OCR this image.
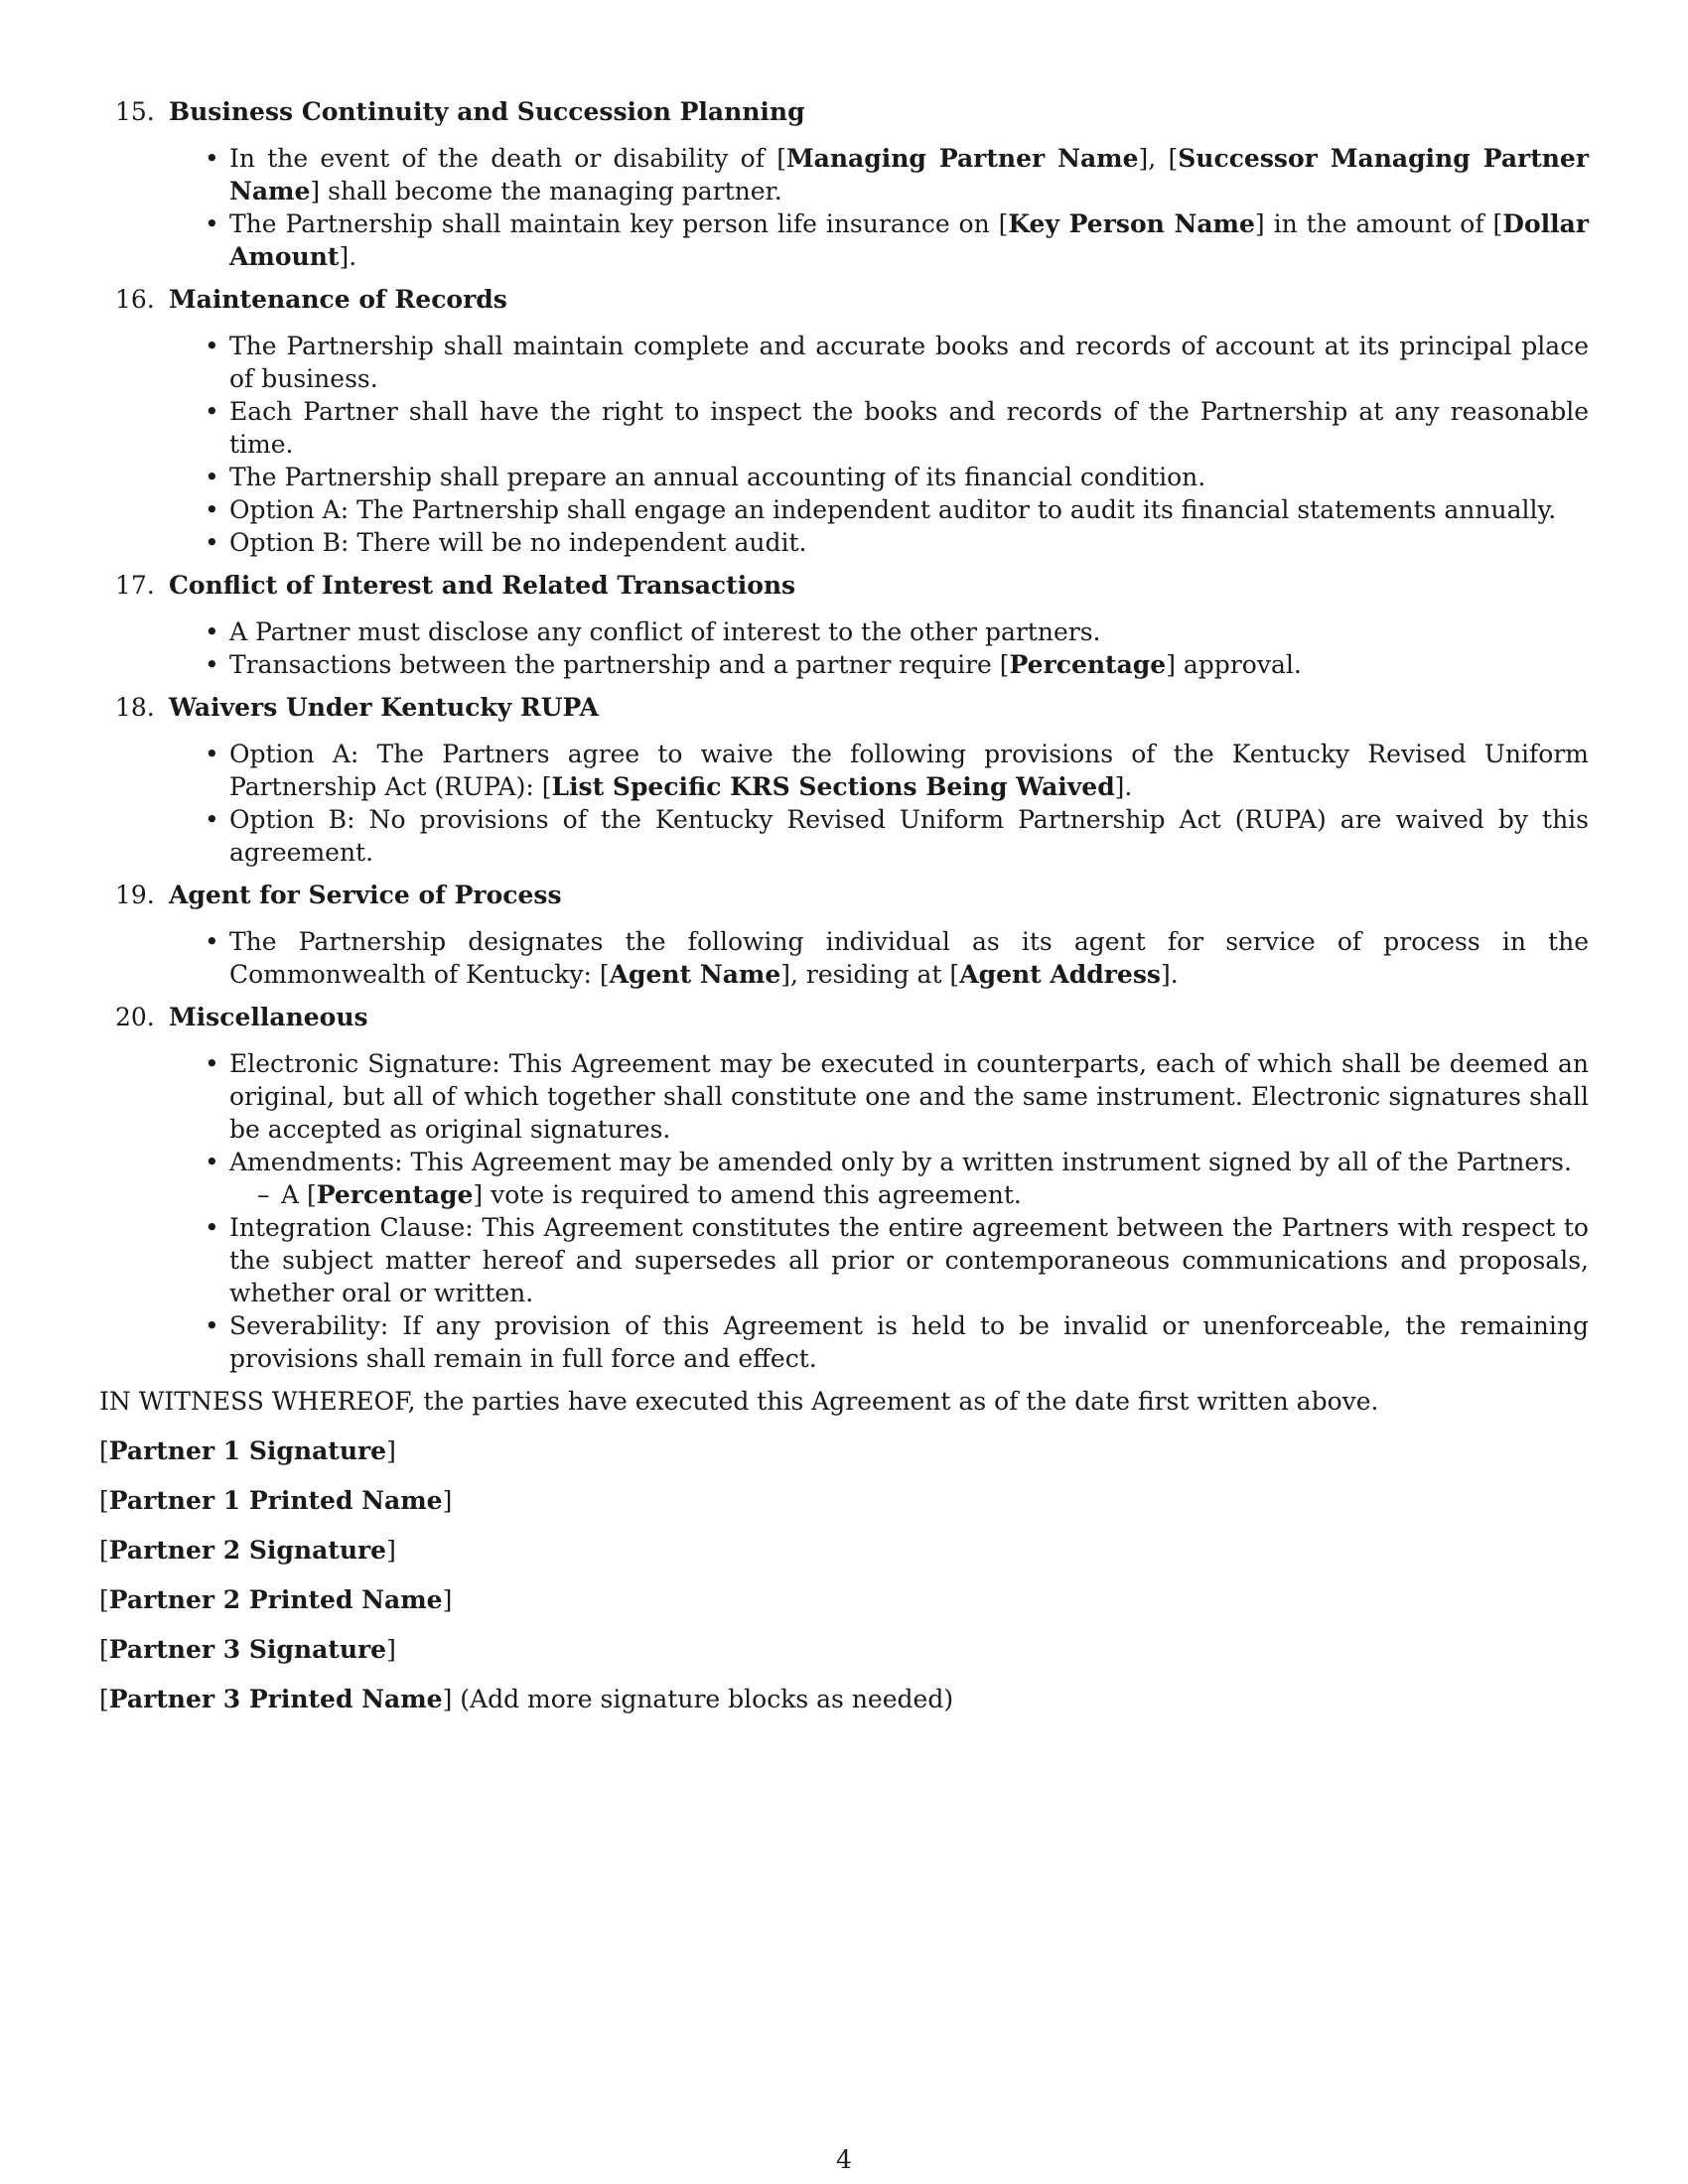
15. Business Continuity and Succession Planning
• In the event of the death or disability of [Managing Partner Name], [Successor Managing Partner Name] shall become the managing partner.
• The Partnership shall maintain key person life insurance on [Key Person Name] in the amount of [Dollar Amount].
16. Maintenance of Records
• The Partnership shall maintain complete and accurate books and records of account at its principal place of business.
• Each Partner shall have the right to inspect the books and records of the Partnership at any reasonable time.
• The Partnership shall prepare an annual accounting of its financial condition.
• Option A: The Partnership shall engage an independent auditor to audit its financial statements annually.
• Option B: There will be no independent audit.
17. Conflict of Interest and Related Transactions
• A Partner must disclose any conflict of interest to the other partners.
• Transactions between the partnership and a partner require [Percentage] approval.
18. Waivers Under Kentucky RUPA
• Option A: The Partners agree to waive the following provisions of the Kentucky Revised Uniform Partnership Act (RUPA): [List Specific KRS Sections Being Waived].
• Option B: No provisions of the Kentucky Revised Uniform Partnership Act (RUPA) are waived by this agreement.
19. Agent for Service of Process
• The Partnership designates the following individual as its agent for service of process in the Commonwealth of Kentucky: [Agent Name], residing at [Agent Address].
20. Miscellaneous
• Electronic Signature: This Agreement may be executed in counterparts, each of which shall be deemed an original, but all of which together shall constitute one and the same instrument. Electronic signatures shall be accepted as original signatures.
• Amendments: This Agreement may be amended only by a written instrument signed by all of the Partners.
– A [Percentage] vote is required to amend this agreement.
• Integration Clause: This Agreement constitutes the entire agreement between the Partners with respect to the subject matter hereof and supersedes all prior or contemporaneous communications and proposals, whether oral or written.
• Severability: If any provision of this Agreement is held to be invalid or unenforceable, the remaining provisions shall remain in full force and effect.
IN WITNESS WHEREOF, the parties have executed this Agreement as of the date first written above.
[Partner 1 Signature]
[Partner 1 Printed Name]
[Partner 2 Signature]
[Partner 2 Printed Name]
[Partner 3 Signature]
[Partner 3 Printed Name] (Add more signature blocks as needed)
4
